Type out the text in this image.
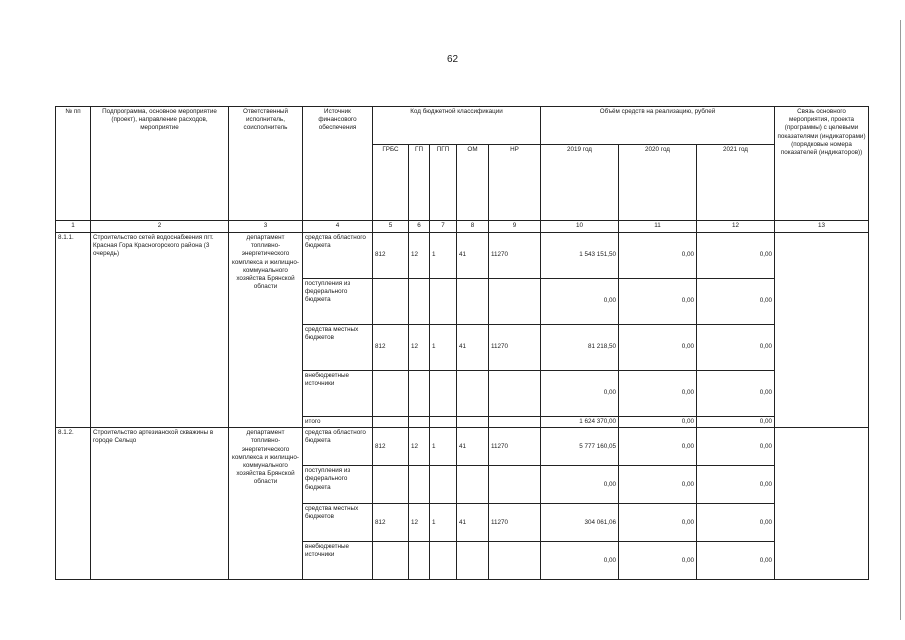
62
№ пп	Подпрограмма, основное мероприятие (проект), направление расходов, мероприятие	Ответственный исполнитель, соисполнитель	Источник финансового обеспечения	Код бюджетной классификации					Объём средств на реализацию, рублей			Связь основного мероприятия, проекта (программы) с целевыми показателями (индикаторами) (порядковые номера показателей (индикаторов))
				ГРБС	ГП	ПГП	ОМ	НР	2019 год	2020 год	2021 год	
1	2	3	4	5	6	7	8	9	10	11	12	13
8.1.1.	Строительство сетей водоснабжения пгт. Красная Гора Красногорского района (3 очередь)	департамент топливно-энергетического комплекса и жилищно-коммунального хозяйства Брянской области	средства областного бюджета	812	12	1	41	11270	1 543 151,50	0,00	0,00	
			поступления из федерального бюджета						0,00	0,00	0,00	
			средства местных бюджетов	812	12	1	41	11270	81 218,50	0,00	0,00	
			внебюджетные источники						0,00	0,00	0,00	
			итого						1 624 370,00	0,00	0,00	
8.1.2.	Строительство артезианской скважины в городе Сельцо	департамент топливно-энергетического комплекса и жилищно-коммунального хозяйства Брянской области	средства областного бюджета	812	12	1	41	11270	5 777 160,05	0,00	0,00	
			поступления из федерального бюджета						0,00	0,00	0,00	
			средства местных бюджетов	812	12	1	41	11270	304 061,06	0,00	0,00	
			внебюджетные источники						0,00	0,00	0,00	
